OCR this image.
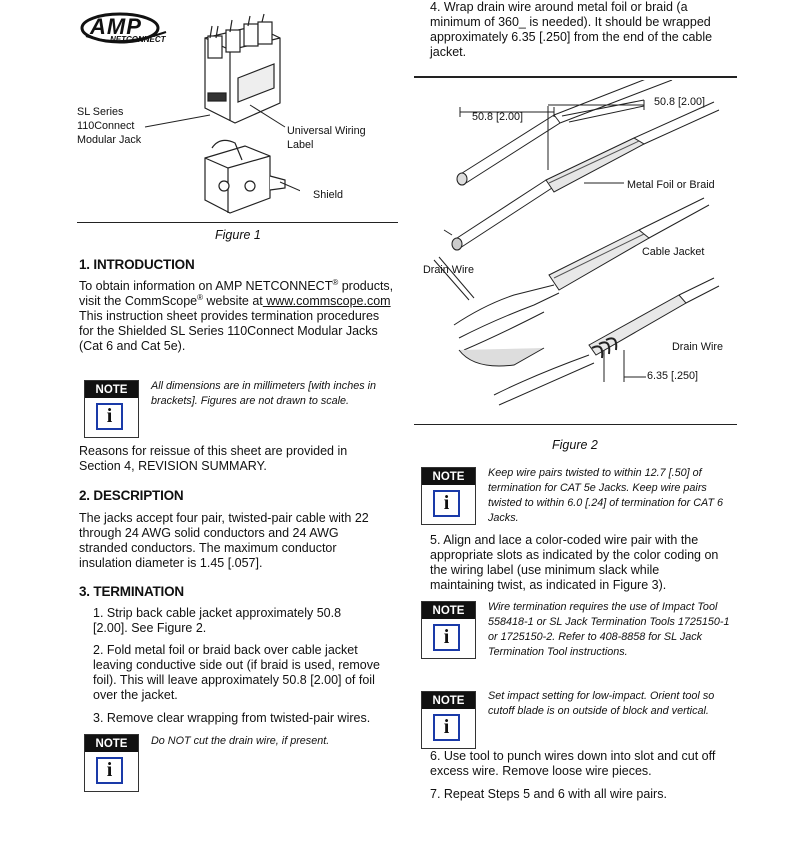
AMP
NETCONNECT
SL Series
110Connect
Modular Jack
Universal Wiring
Label
Shield
Figure 1
1. INTRODUCTION
To obtain information on AMP NETCONNECT® products,
visit the CommScope® website at www.commscope.com
This instruction sheet provides termination procedures
for the Shielded SL Series 110Connect Modular Jacks
(Cat 6 and Cat 5e).
NOTE
i
All dimensions are in millimeters [with inches in
brackets]. Figures are not drawn to scale.
Reasons for reissue of this sheet are provided in
Section 4, REVISION SUMMARY.
2. DESCRIPTION
The jacks accept four pair, twisted-pair cable with 22
through 24 AWG solid conductors and 24 AWG
stranded conductors. The maximum conductor
insulation diameter is 1.45 [.057].
3. TERMINATION
1. Strip back cable jacket approximately 50.8
[2.00]. See Figure 2.
2. Fold metal foil or braid back over cable jacket
leaving conductive side out (if braid is used, remove
foil). This will leave approximately 50.8 [2.00] of foil
over the jacket.
3. Remove clear wrapping from twisted-pair wires.
NOTE
i
Do NOT cut the drain wire, if present.
4. Wrap drain wire around metal foil or braid (a
minimum of 360_ is needed). It should be wrapped
approximately 6.35 [.250] from the end of the cable
jacket.
50.8 [2.00]
50.8 [2.00]
Metal Foil or Braid
Drain Wire
Cable Jacket
Drain Wire
6.35 [.250]
Figure 2
NOTE
i
Keep wire pairs twisted to within 12.7 [.50] of
termination for CAT 5e Jacks. Keep wire pairs
twisted to within 6.0 [.24] of termination for CAT 6
Jacks.
5. Align and lace a color-coded wire pair with the
appropriate slots as indicated by the color coding on
the wiring label (use minimum slack while
maintaining twist, as indicated in Figure 3).
NOTE
i
Wire termination requires the use of Impact Tool
558418-1 or SL Jack Termination Tools 1725150-1
or 1725150-2. Refer to 408-8858 for SL Jack
Termination Tool instructions.
NOTE
i
Set impact setting for low-impact. Orient tool so
cutoff blade is on outside of block and vertical.
6. Use tool to punch wires down into slot and cut off
excess wire. Remove loose wire pieces.
7. Repeat Steps 5 and 6 with all wire pairs.
